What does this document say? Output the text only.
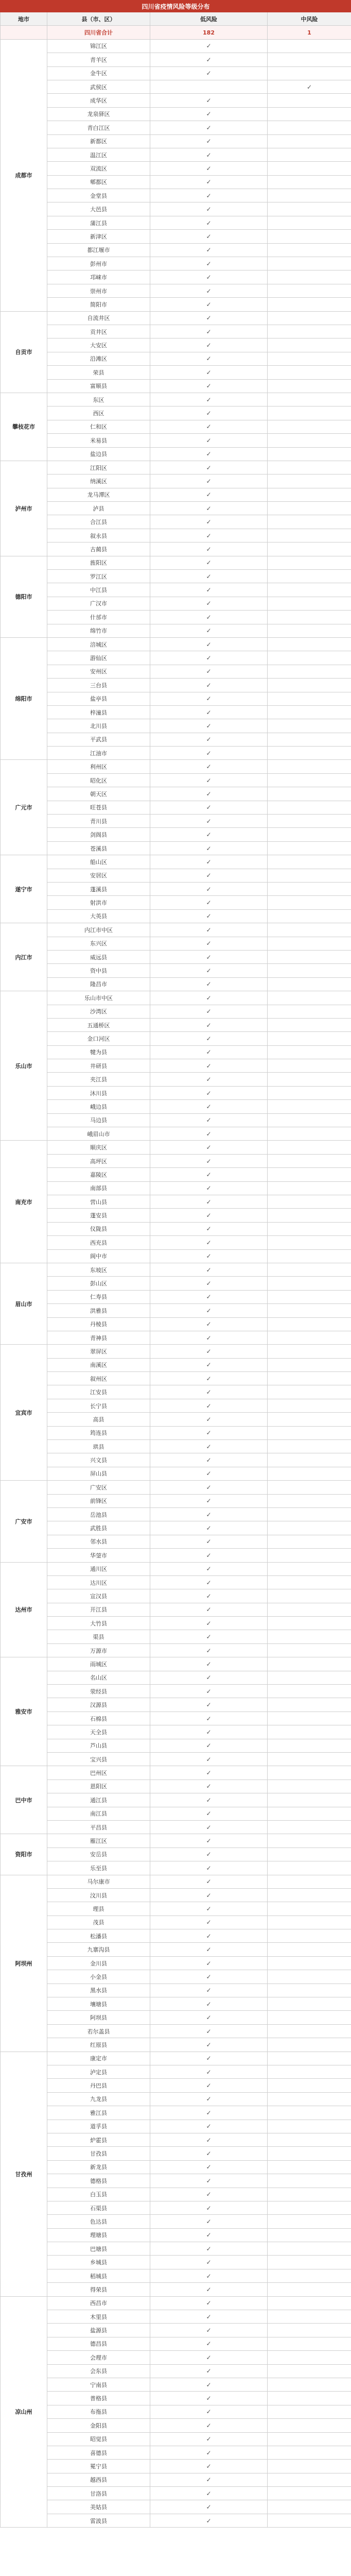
四川省疫情风险等级分布			
地市	县（市、区）	低风险	中风险
	四川省合计	182	1
成都市	锦江区	✓	
	青羊区	✓	
	金牛区	✓	
	武侯区		✓
	成华区	✓	
	龙泉驿区	✓	
	青白江区	✓	
	新都区	✓	
	温江区	✓	
	双流区	✓	
	郫都区	✓	
	金堂县	✓	
	大邑县	✓	
	蒲江县	✓	
	新津区	✓	
	都江堰市	✓	
	彭州市	✓	
	邛崃市	✓	
	崇州市	✓	
	简阳市	✓	
自贡市	自流井区	✓	
	贡井区	✓	
	大安区	✓	
	沿滩区	✓	
	荣县	✓	
	富顺县	✓	
攀枝花市	东区	✓	
	西区	✓	
	仁和区	✓	
	米易县	✓	
	盐边县	✓	
泸州市	江阳区	✓	
	纳溪区	✓	
	龙马潭区	✓	
	泸县	✓	
	合江县	✓	
	叙永县	✓	
	古蔺县	✓	
德阳市	旌阳区	✓	
	罗江区	✓	
	中江县	✓	
	广汉市	✓	
	什邡市	✓	
	绵竹市	✓	
绵阳市	涪城区	✓	
	游仙区	✓	
	安州区	✓	
	三台县	✓	
	盐亭县	✓	
	梓潼县	✓	
	北川县	✓	
	平武县	✓	
	江油市	✓	
广元市	利州区	✓	
	昭化区	✓	
	朝天区	✓	
	旺苍县	✓	
	青川县	✓	
	剑阁县	✓	
	苍溪县	✓	
遂宁市	船山区	✓	
	安居区	✓	
	蓬溪县	✓	
	射洪市	✓	
	大英县	✓	
内江市	内江市中区	✓	
	东兴区	✓	
	威远县	✓	
	资中县	✓	
	隆昌市	✓	
乐山市	乐山市中区	✓	
	沙湾区	✓	
	五通桥区	✓	
	金口河区	✓	
	犍为县	✓	
	井研县	✓	
	夹江县	✓	
	沐川县	✓	
	峨边县	✓	
	马边县	✓	
	峨眉山市	✓	
南充市	顺庆区	✓	
	高坪区	✓	
	嘉陵区	✓	
	南部县	✓	
	营山县	✓	
	蓬安县	✓	
	仪陇县	✓	
	西充县	✓	
	阆中市	✓	
眉山市	东坡区	✓	
	彭山区	✓	
	仁寿县	✓	
	洪雅县	✓	
	丹棱县	✓	
	青神县	✓	
宜宾市	翠屏区	✓	
	南溪区	✓	
	叙州区	✓	
	江安县	✓	
	长宁县	✓	
	高县	✓	
	筠连县	✓	
	珙县	✓	
	兴文县	✓	
	屏山县	✓	
广安市	广安区	✓	
	前锋区	✓	
	岳池县	✓	
	武胜县	✓	
	邻水县	✓	
	华蓥市	✓	
达州市	通川区	✓	
	达川区	✓	
	宣汉县	✓	
	开江县	✓	
	大竹县	✓	
	渠县	✓	
	万源市	✓	
雅安市	雨城区	✓	
	名山区	✓	
	荥经县	✓	
	汉源县	✓	
	石棉县	✓	
	天全县	✓	
	芦山县	✓	
	宝兴县	✓	
巴中市	巴州区	✓	
	恩阳区	✓	
	通江县	✓	
	南江县	✓	
	平昌县	✓	
资阳市	雁江区	✓	
	安岳县	✓	
	乐至县	✓	
阿坝州	马尔康市	✓	
	汶川县	✓	
	理县	✓	
	茂县	✓	
	松潘县	✓	
	九寨沟县	✓	
	金川县	✓	
	小金县	✓	
	黑水县	✓	
	壤塘县	✓	
	阿坝县	✓	
	若尔盖县	✓	
	红原县	✓	
甘孜州	康定市	✓	
	泸定县	✓	
	丹巴县	✓	
	九龙县	✓	
	雅江县	✓	
	道孚县	✓	
	炉霍县	✓	
	甘孜县	✓	
	新龙县	✓	
	德格县	✓	
	白玉县	✓	
	石渠县	✓	
	色达县	✓	
	理塘县	✓	
	巴塘县	✓	
	乡城县	✓	
	稻城县	✓	
	得荣县	✓	
凉山州	西昌市	✓	
	木里县	✓	
	盐源县	✓	
	德昌县	✓	
	会理市	✓	
	会东县	✓	
	宁南县	✓	
	普格县	✓	
	布拖县	✓	
	金阳县	✓	
	昭觉县	✓	
	喜德县	✓	
	冕宁县	✓	
	越西县	✓	
	甘洛县	✓	
	美姑县	✓	
	雷波县	✓	
